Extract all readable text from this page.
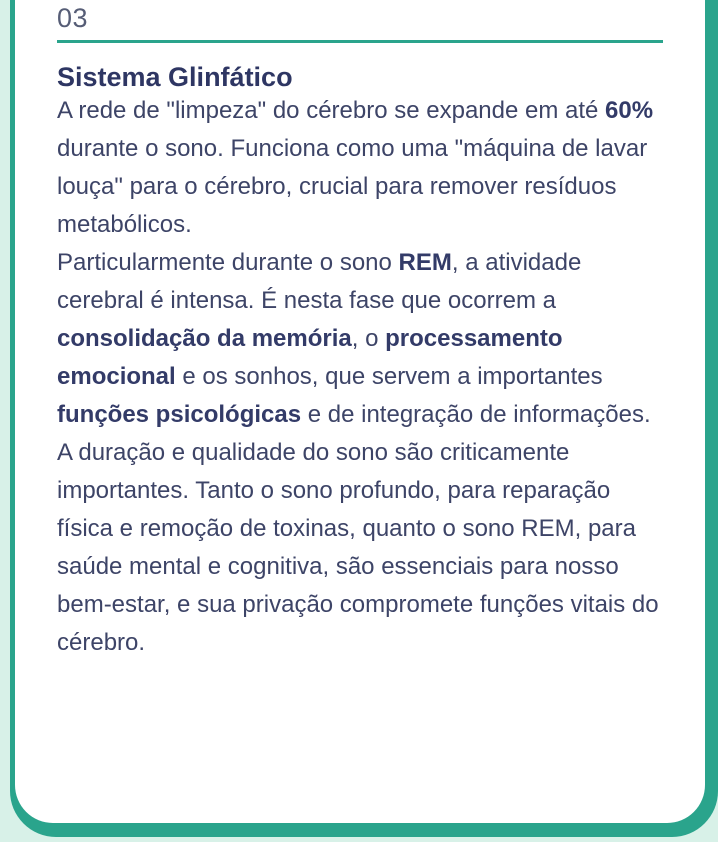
03
Sistema Glinfático

A rede de "limpeza" do cérebro se expande em até 60% durante o sono. Funciona como uma "máquina de lavar louça" para o cérebro, crucial para remover resíduos metabólicos.

Particularmente durante o sono REM, a atividade cerebral é intensa. É nesta fase que ocorrem a consolidação da memória, o processamento emocional e os sonhos, que servem a importantes funções psicológicas e de integração de informações.

A duração e qualidade do sono são criticamente importantes. Tanto o sono profundo, para reparação física e remoção de toxinas, quanto o sono REM, para saúde mental e cognitiva, são essenciais para nosso bem-estar, e sua privação compromete funções vitais do cérebro.
